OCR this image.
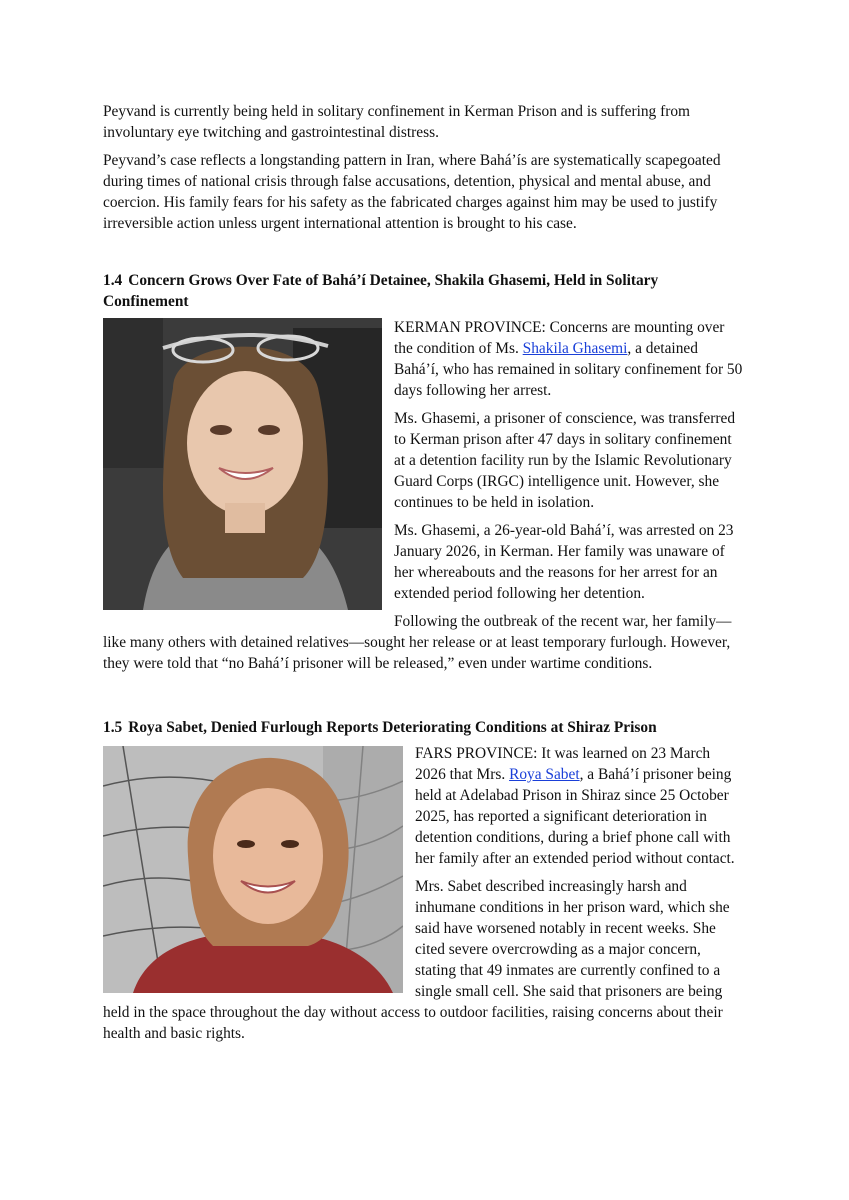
Peyvand is currently being held in solitary confinement in Kerman Prison and is suffering from involuntary eye twitching and gastrointestinal distress.

Peyvand’s case reflects a longstanding pattern in Iran, where Bahá’ís are systematically scapegoated during times of national crisis through false accusations, detention, physical and mental abuse, and coercion. His family fears for his safety as the fabricated charges against him may be used to justify irreversible action unless urgent international attention is brought to his case.

1.4 Concern Grows Over Fate of Bahá’í Detainee, Shakila Ghasemi, Held in Solitary Confinement

KERMAN PROVINCE: Concerns are mounting over the condition of Ms. Shakila Ghasemi, a detained Bahá’í, who has remained in solitary confinement for 50 days following her arrest.

Ms. Ghasemi, a prisoner of conscience, was transferred to Kerman prison after 47 days in solitary confinement at a detention facility run by the Islamic Revolutionary Guard Corps (IRGC) intelligence unit. However, she continues to be held in isolation.

Ms. Ghasemi, a 26-year-old Bahá’í, was arrested on 23 January 2026, in Kerman. Her family was unaware of her whereabouts and the reasons for her arrest for an extended period following her detention.

Following the outbreak of the recent war, her family—like many others with detained relatives—sought her release or at least temporary furlough. However, they were told that “no Bahá’í prisoner will be released,” even under wartime conditions.

1.5 Roya Sabet, Denied Furlough Reports Deteriorating Conditions at Shiraz Prison

FARS PROVINCE: It was learned on 23 March 2026 that Mrs. Roya Sabet, a Bahá’í prisoner being held at Adelabad Prison in Shiraz since 25 October 2025, has reported a significant deterioration in detention conditions, during a brief phone call with her family after an extended period without contact.

Mrs. Sabet described increasingly harsh and inhumane conditions in her prison ward, which she said have worsened notably in recent weeks. She cited severe overcrowding as a major concern, stating that 49 inmates are currently confined to a single small cell. She said that prisoners are being held in the space throughout the day without access to outdoor facilities, raising concerns about their health and basic rights.
